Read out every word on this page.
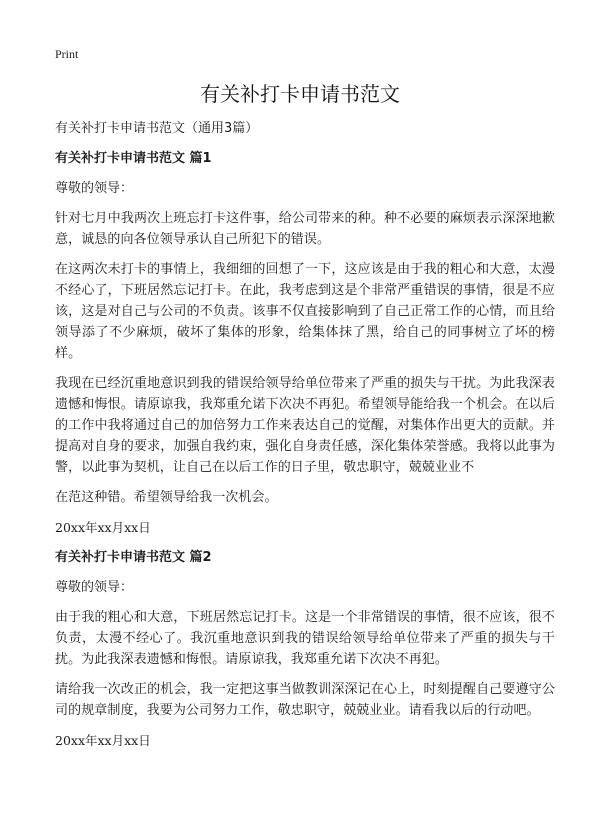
Print
有关补打卡申请书范文
有关补打卡申请书范文（通用3篇）
有关补打卡申请书范文 篇1
尊敬的领导：
针对七月中我两次上班忘打卡这件事，给公司带来的种。种不必要的麻烦表示深深地歉意，诚恳的向各位领导承认自己所犯下的错误。
在这两次未打卡的事情上，我细细的回想了一下，这应该是由于我的粗心和大意，太漫不经心了，下班居然忘记打卡。在此，我考虑到这是个非常严重错误的事情，很是不应该，这是对自己与公司的不负责。该事不仅直接影响到了自己正常工作的心情，而且给领导添了不少麻烦，破坏了集体的形象，给集体抹了黑，给自己的同事树立了坏的榜样。
我现在已经沉重地意识到我的错误给领导给单位带来了严重的损失与干扰。为此我深表遗憾和悔恨。请原谅我，我郑重允诺下次决不再犯。希望领导能给我一个机会。在以后的工作中我将通过自己的加倍努力工作来表达自己的觉醒，对集体作出更大的贡献。并提高对自身的要求，加强自我约束，强化自身责任感，深化集体荣誉感。我将以此事为警，以此事为契机，让自己在以后工作的日子里，敬忠职守，兢兢业业不
在范这种错。希望领导给我一次机会。
20xx年xx月xx日
有关补打卡申请书范文 篇2
尊敬的领导：
由于我的粗心和大意，下班居然忘记打卡。这是一个非常错误的事情，很不应该，很不负责，太漫不经心了。我沉重地意识到我的错误给领导给单位带来了严重的损失与干扰。为此我深表遗憾和悔恨。请原谅我，我郑重允诺下次决不再犯。
请给我一次改正的机会，我一定把这事当做教训深深记在心上，时刻提醒自己要遵守公司的规章制度，我要为公司努力工作，敬忠职守，兢兢业业。请看我以后的行动吧。
20xx年xx月xx日
